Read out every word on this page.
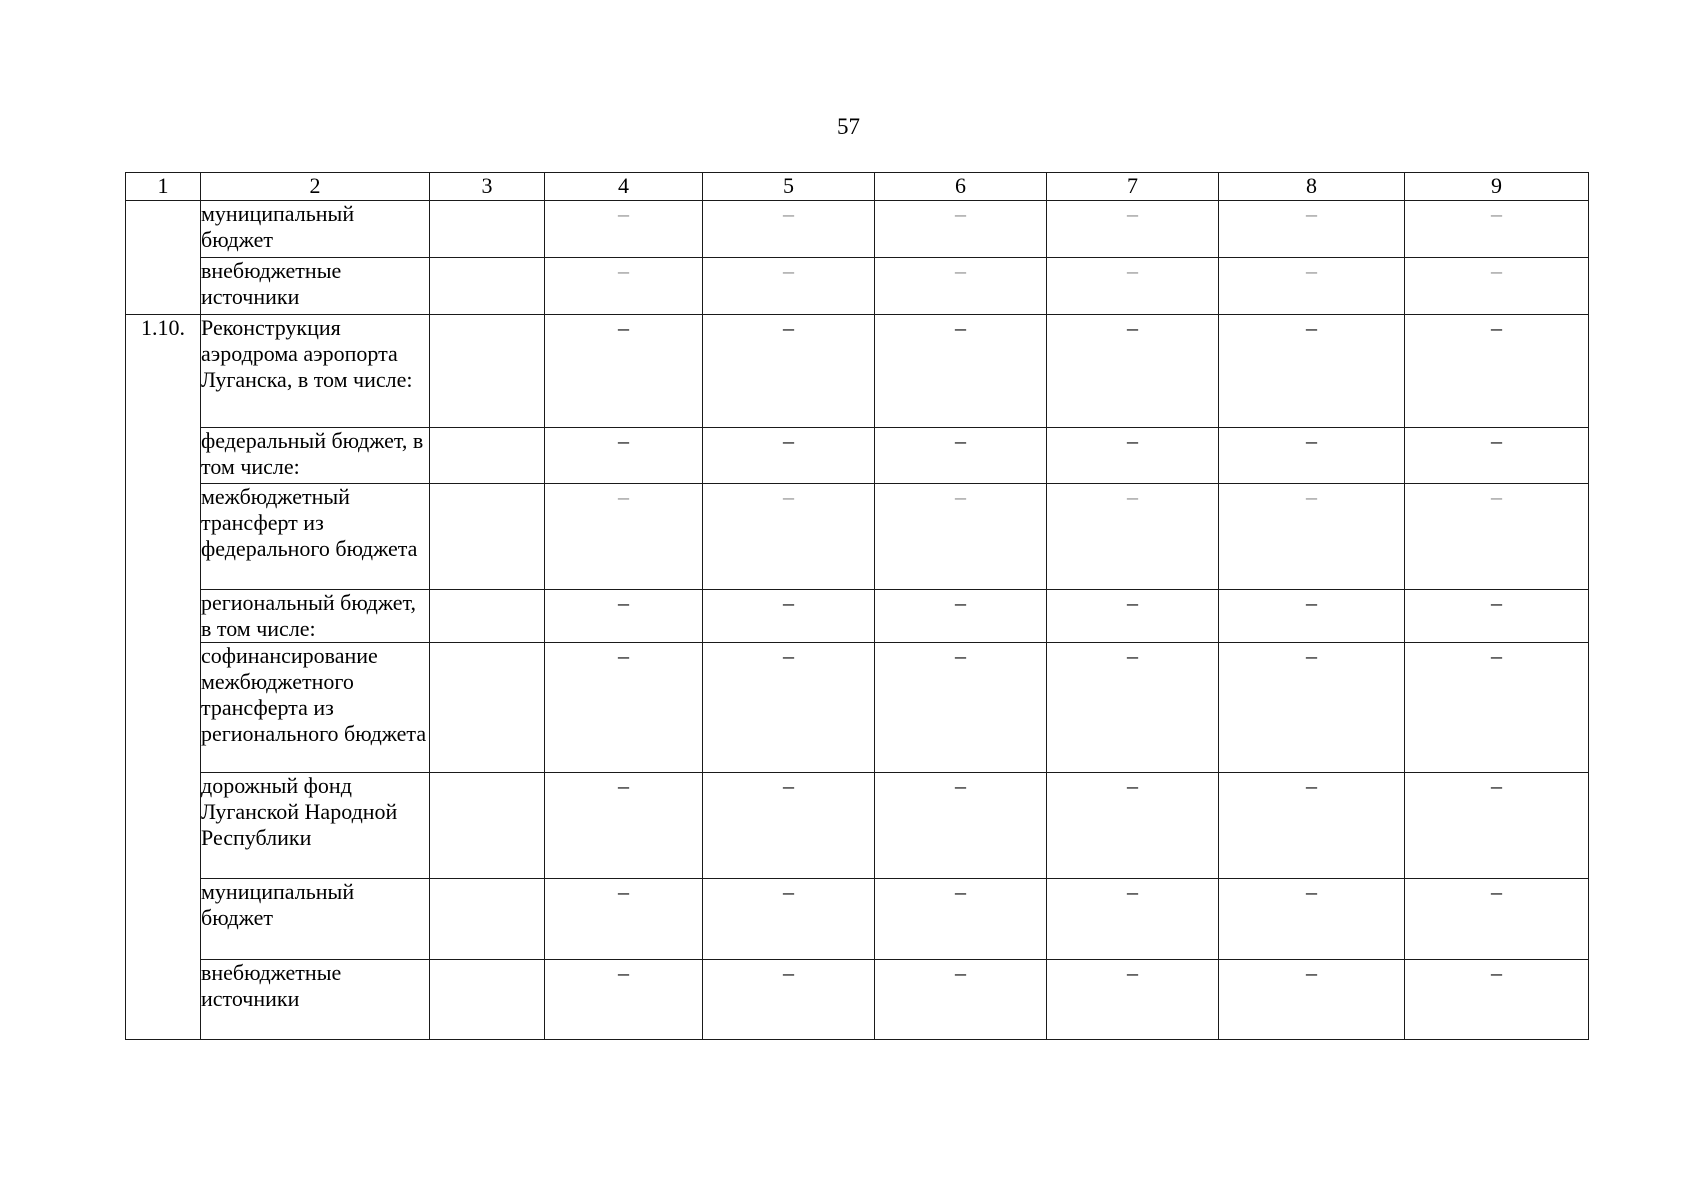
57
1	2	3	4	5	6	7	8	9
	муниципальный бюджет		–	–	–	–	–	–
	внебюджетные источники		–	–	–	–	–	–
1.10.	Реконструкция аэродрома аэропорта Луганска, в том числе:		–	–	–	–	–	–
	федеральный бюджет, в том числе:		–	–	–	–	–	–
	межбюджетный трансферт из федерального бюджета		–	–	–	–	–	–
	региональный бюджет, в том числе:		–	–	–	–	–	–
	софинансирование межбюджетного трансферта из регионального бюджета		–	–	–	–	–	–
	дорожный фонд Луганской Народной Республики		–	–	–	–	–	–
	муниципальный бюджет		–	–	–	–	–	–
	внебюджетные источники		–	–	–	–	–	–
